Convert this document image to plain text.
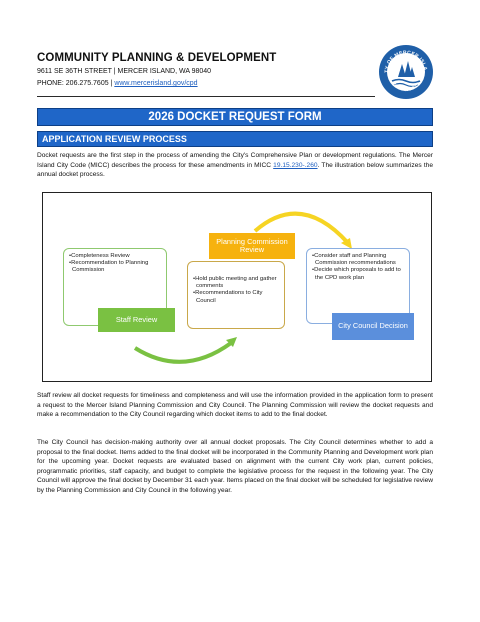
COMMUNITY PLANNING & DEVELOPMENT
9611 SE 36TH STREET | MERCER ISLAND, WA 98040
PHONE: 206.275.7605 | www.mercerisland.gov/cpd
TY OF MERCER ISLA
WASHINGTON
2026 DOCKET REQUEST FORM
APPLICATION REVIEW PROCESS
Docket requests are the first step in the process of amending the City's Comprehensive Plan or development regulations. The Mercer Island City Code (MICC) describes the process for these amendments in MICC 19.15.230-.260. The illustration below summarizes the annual docket process.
•Completeness Review
•Recommendation to Planning Commission
•Hold public meeting and gather comments
•Recommendations to City Council
•Consider staff and Planning Commission recommendations
•Decide which proposals to add to the CPD work plan
Staff Review
Planning Commission Review
City Council Decision
Staff review all docket requests for timeliness and completeness and will use the information provided in the application form to present a request to the Mercer Island Planning Commission and City Council. The Planning Commission will review the docket requests and make a recommendation to the City Council regarding which docket items to add to the final docket.
The City Council has decision-making authority over all annual docket proposals. The City Council determines whether to add a proposal to the final docket. Items added to the final docket will be incorporated in the Community Planning and Development work plan for the upcoming year. Docket requests are evaluated based on alignment with the current City work plan, current policies, programmatic priorities, staff capacity, and budget to complete the legislative process for the request in the following year. The City Council will approve the final docket by December 31 each year. Items placed on the final docket will be scheduled for legislative review by the Planning Commission and City Council in the following year.
